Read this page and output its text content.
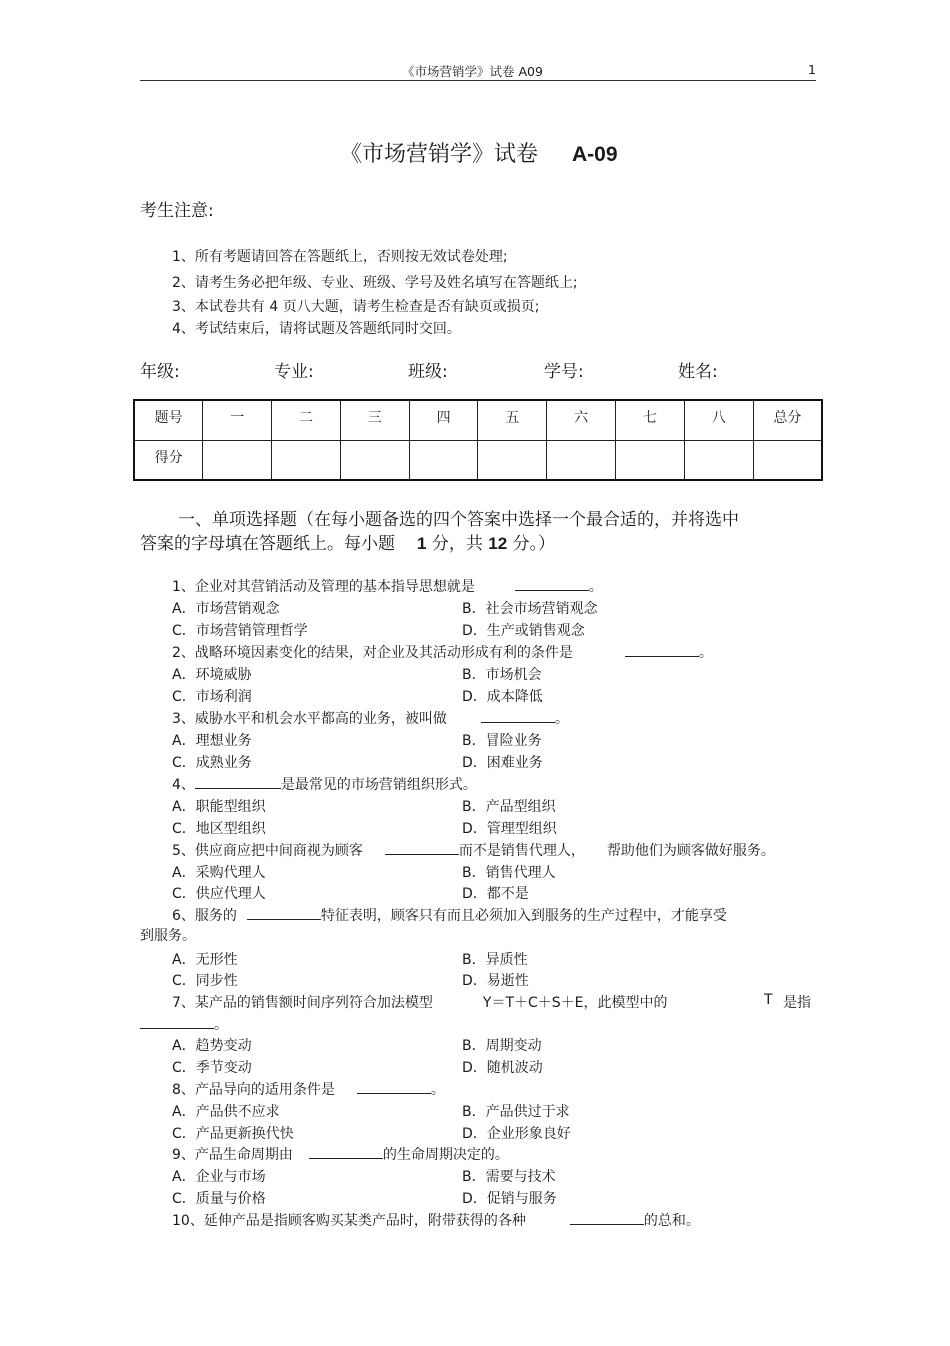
《市场营销学》试卷 A09	1
《市场营销学》试卷 A-09
考生注意:
1、所有考题请回答在答题纸上，否则按无效试卷处理;
2、请考生务必把年级、专业、班级、学号及姓名填写在答题纸上;
3、本试卷共有 4 页八大题，请考生检查是否有缺页或损页;
4、考试结束后，请将试题及答题纸同时交回。
年级:	专业:	班级:	学号:	姓名:
题号	一	二	三	四	五	六	七	八	总分
得分									
一、单项选择题（在每小题备选的四个答案中选择一个最合适的，并将选中
答案的字母填在答题纸上。每小题 1 分，共 12 分。）
1、企业对其营销活动及管理的基本指导思想就是	。
A．市场营销观念	B．社会市场营销观念
C．市场营销管理哲学	D．生产或销售观念
2、战略环境因素变化的结果，对企业及其活动形成有利的条件是	。
A．环境威胁	B．市场机会
C．市场利润	D．成本降低
3、威胁水平和机会水平都高的业务，被叫做	。
A．理想业务	B．冒险业务
C．成熟业务	D．困难业务
4、	是最常见的市场营销组织形式。
A．职能型组织	B．产品型组织
C．地区型组织	D．管理型组织
5、供应商应把中间商视为顾客	而不是销售代理人， 帮助他们为顾客做好服务。
A．采购代理人	B．销售代理人
C．供应代理人	D．都不是
6、服务的	特征表明，顾客只有而且必须加入到服务的生产过程中，才能享受
到服务。
A．无形性	B．异质性
C．同步性	D．易逝性
7、某产品的销售额时间序列符合加法模型	Y＝T＋C＋S＋E，此模型中的	T 是指
。
A．趋势变动	B．周期变动
C．季节变动	D．随机波动
8、产品导向的适用条件是	。
A．产品供不应求	B．产品供过于求
C．产品更新换代快	D．企业形象良好
9、产品生命周期由	的生命周期决定的。
A．企业与市场	B．需要与技术
C．质量与价格	D．促销与服务
10、延伸产品是指顾客购买某类产品时，附带获得的各种	的总和。
